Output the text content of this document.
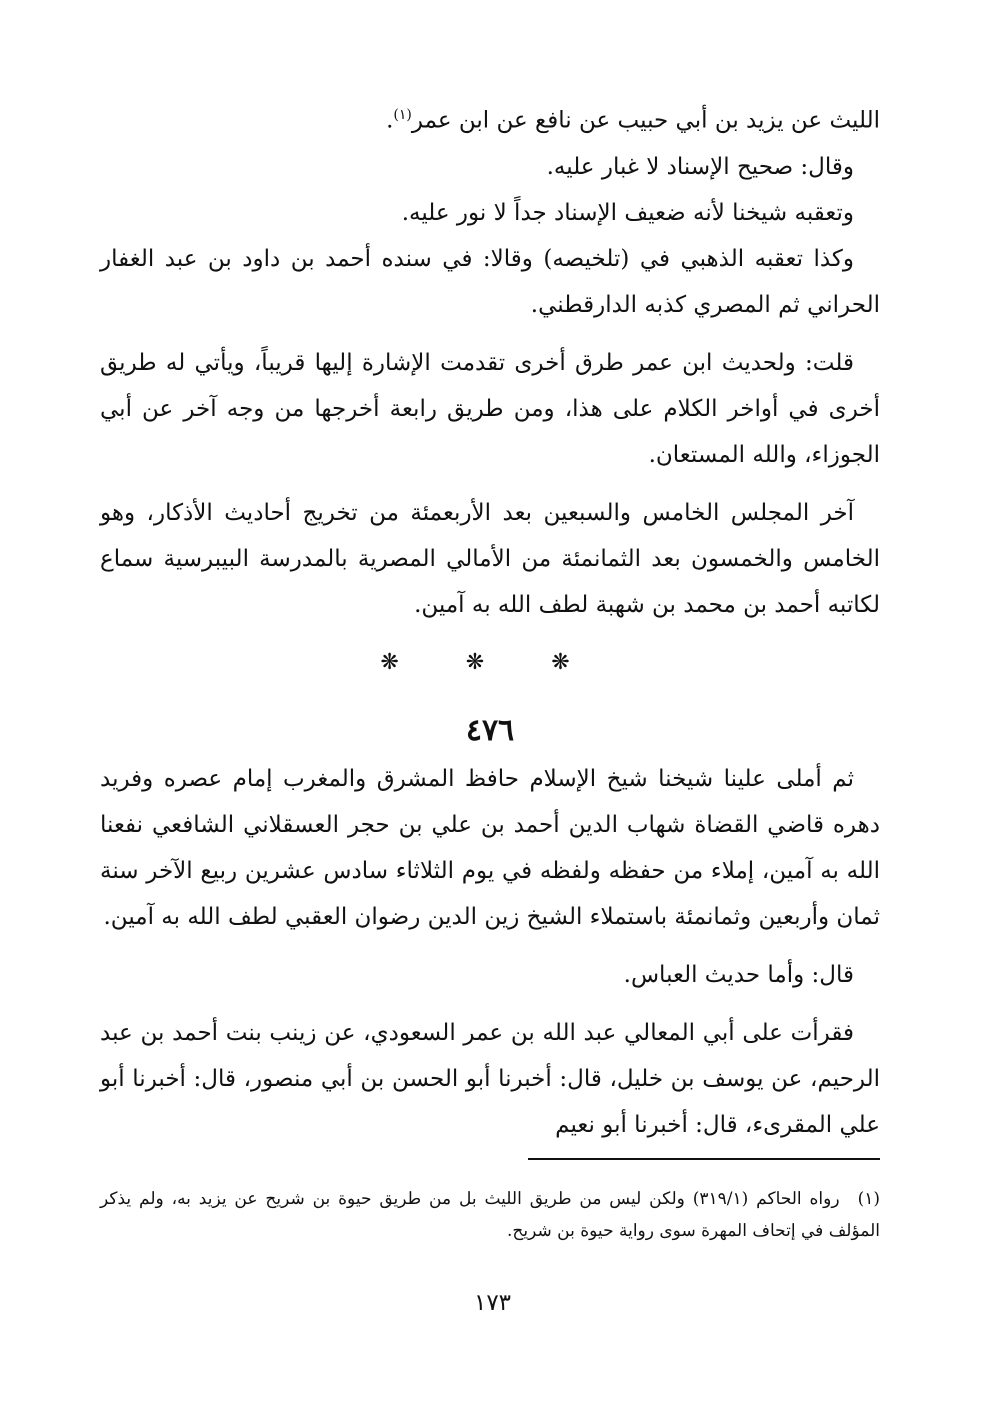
الليث عن يزيد بن أبي حبيب عن نافع عن ابن عمر$^{(١)}$.

وقال: صحيح الإسناد لا غبار عليه.

وتعقبه شيخنا لأنه ضعيف الإسناد جداً لا نور عليه.

وكذا تعقبه الذهبي في (تلخيصه) وقالا: في سنده أحمد بن داود بن عبد الغفار الحراني ثم المصري كذبه الدارقطني.

قلت: ولحديث ابن عمر طرق أخرى تقدمت الإشارة إليها قريباً، ويأتي له طريق أخرى في أواخر الكلام على هذا، ومن طريق رابعة أخرجها من وجه آخر عن أبي الجوزاء، والله المستعان.

آخر المجلس الخامس والسبعين بعد الأربعمئة من تخريج أحاديث الأذكار، وهو الخامس والخمسون بعد الثمانمئة من الأمالي المصرية بالمدرسة البيبرسية سماع لكاتبه أحمد بن محمد بن شهبة لطف الله به آمين.

❋ ❋ ❋
٤٧٦

ثم أملى علينا شيخنا شيخ الإسلام حافظ المشرق والمغرب إمام عصره وفريد دهره قاضي القضاة شهاب الدين أحمد بن علي بن حجر العسقلاني الشافعي نفعنا الله به آمين، إملاء من حفظه ولفظه في يوم الثلاثاء سادس عشرين ربيع الآخر سنة ثمان وأربعين وثمانمئة باستملاء الشيخ زين الدين رضوان العقبي لطف الله به آمين.

قال: وأما حديث العباس.

فقرأت على أبي المعالي عبد الله بن عمر السعودي، عن زينب بنت أحمد بن عبد الرحيم، عن يوسف بن خليل، قال: أخبرنا أبو الحسن بن أبي منصور، قال: أخبرنا أبو علي المقرىء، قال: أخبرنا أبو نعيم

(١)رواه الحاكم (٣١٩/١) ولكن ليس من طريق الليث بل من طريق حيوة بن شريح عن يزيد به، ولم يذكر المؤلف في إتحاف المهرة سوى رواية حيوة بن شريح.

١٧٣
